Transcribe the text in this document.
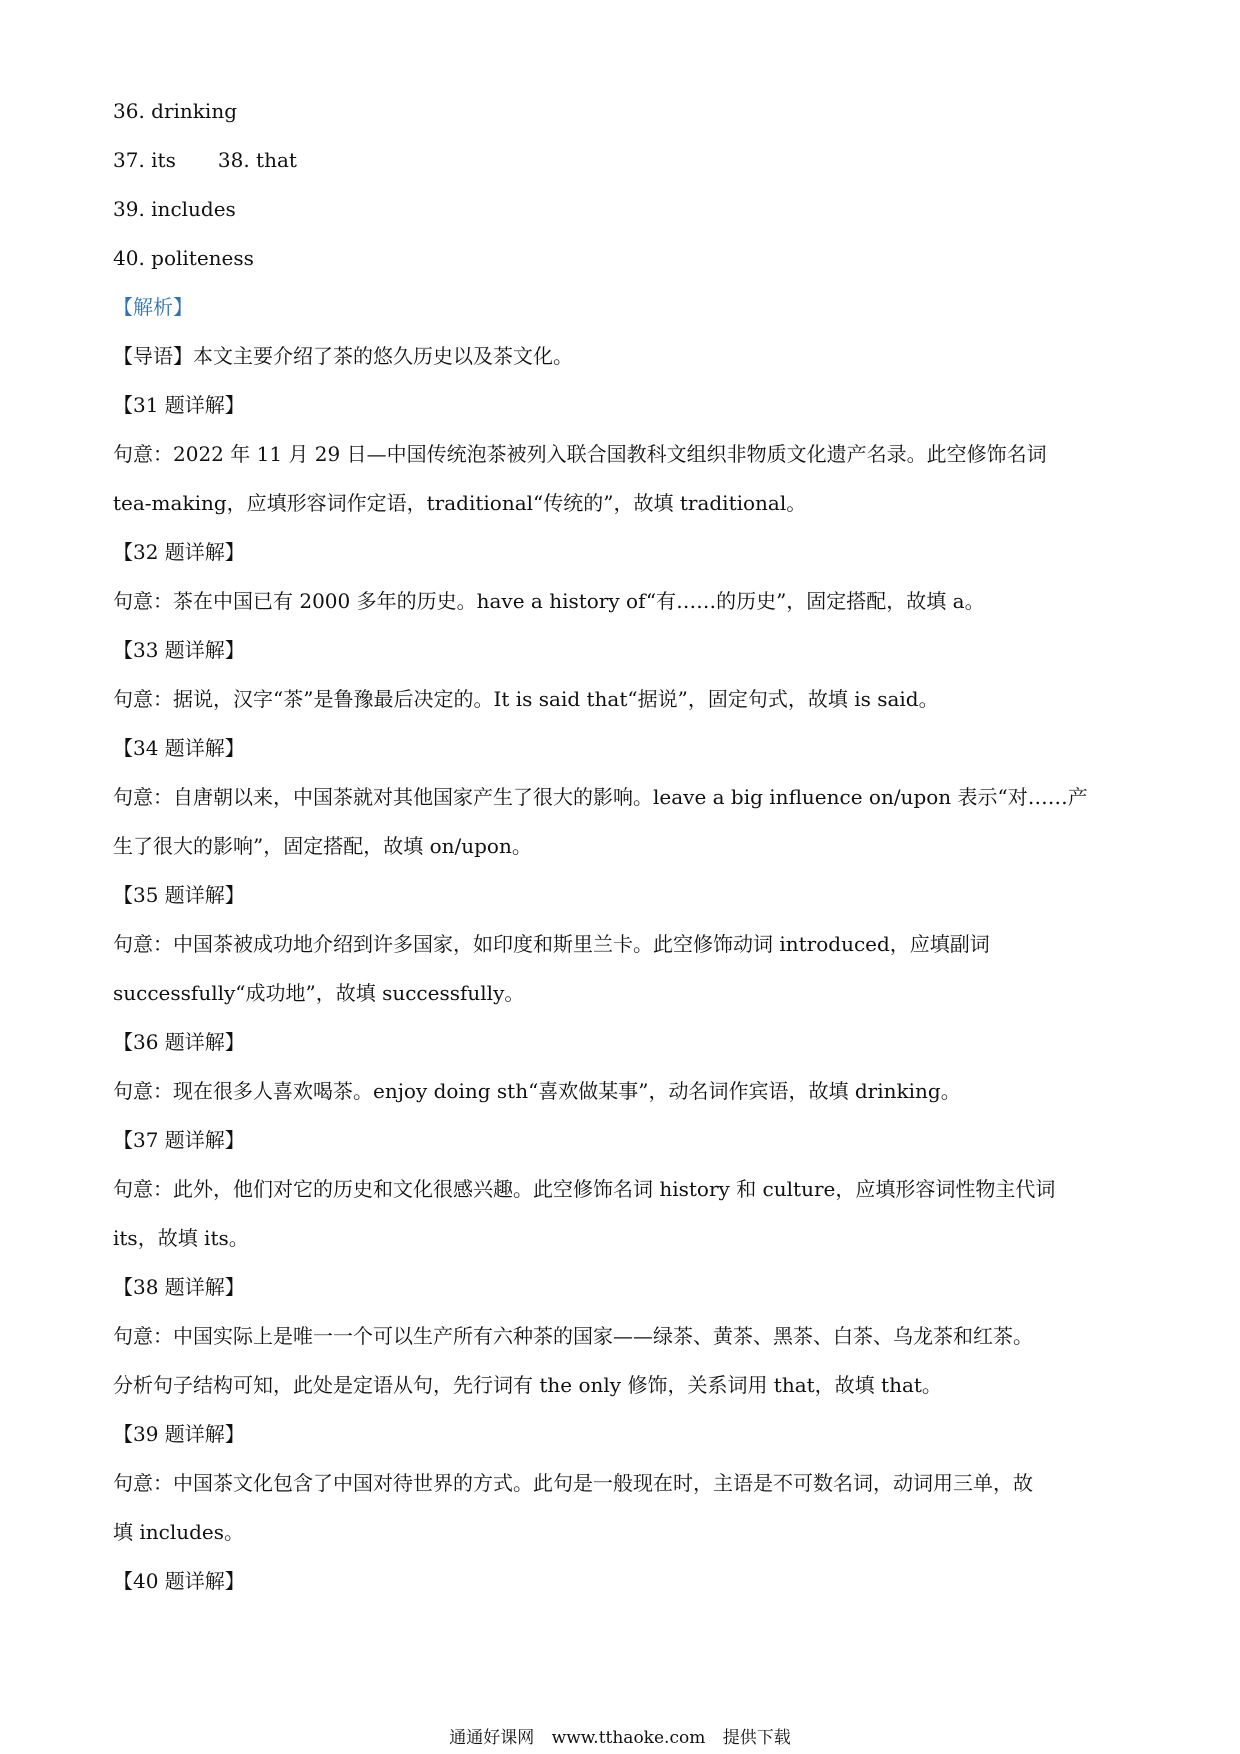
36. drinking
37. its 38. that
39. includes
40. politeness
【解析】
【导语】本文主要介绍了茶的悠久历史以及茶文化。
【31 题详解】
句意：2022 年 11 月 29 日—中国传统泡茶被列入联合国教科文组织非物质文化遗产名录。此空修饰名词
tea-making，应填形容词作定语，traditional“传统的”，故填 traditional。
【32 题详解】
句意：茶在中国已有 2000 多年的历史。have a history of“有……的历史”，固定搭配，故填 a。
【33 题详解】
句意：据说，汉字“茶”是鲁豫最后决定的。It is said that“据说”，固定句式，故填 is said。
【34 题详解】
句意：自唐朝以来，中国茶就对其他国家产生了很大的影响。leave a big influence on/upon 表示“对……产
生了很大的影响”，固定搭配，故填 on/upon。
【35 题详解】
句意：中国茶被成功地介绍到许多国家，如印度和斯里兰卡。此空修饰动词 introduced，应填副词
successfully“成功地”，故填 successfully。
【36 题详解】
句意：现在很多人喜欢喝茶。enjoy doing sth“喜欢做某事”，动名词作宾语，故填 drinking。
【37 题详解】
句意：此外，他们对它的历史和文化很感兴趣。此空修饰名词 history 和 culture，应填形容词性物主代词
its，故填 its。
【38 题详解】
句意：中国实际上是唯一一个可以生产所有六种茶的国家——绿茶、黄茶、黑茶、白茶、乌龙茶和红茶。
分析句子结构可知，此处是定语从句，先行词有 the only 修饰，关系词用 that，故填 that。
【39 题详解】
句意：中国茶文化包含了中国对待世界的方式。此句是一般现在时，主语是不可数名词，动词用三单，故
填 includes。
【40 题详解】
通通好课网 www.tthaoke.com 提供下载
